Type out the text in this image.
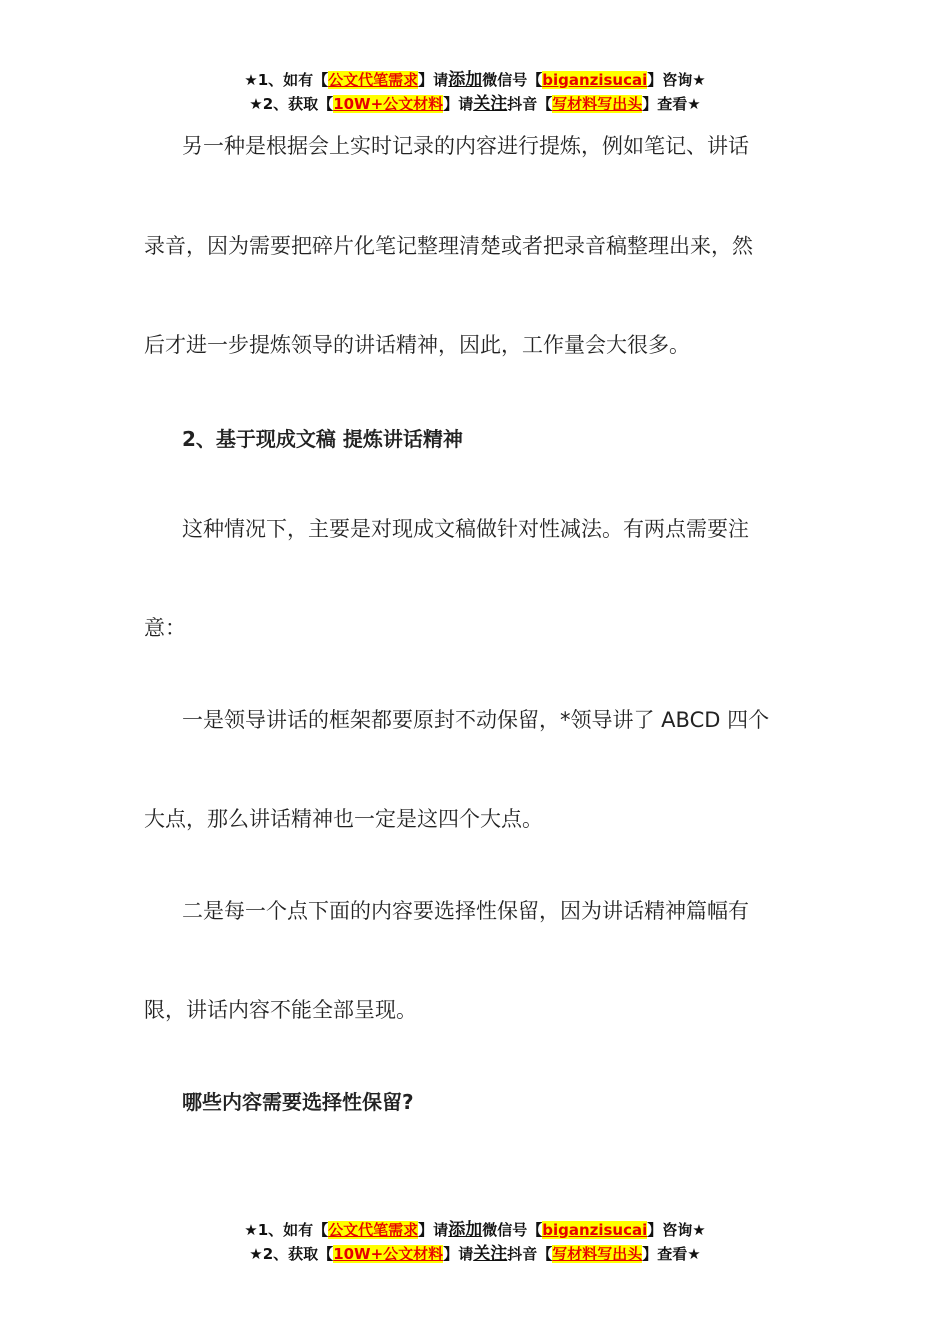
★1、如有【公文代笔需求】请添加微信号【biganzisucai】咨询★
★2、获取【10W+公文材料】请关注抖音【写材料写出头】查看★
另一种是根据会上实时记录的内容进行提炼，例如笔记、讲话
录音，因为需要把碎片化笔记整理清楚或者把录音稿整理出来，然
后才进一步提炼领导的讲话精神，因此，工作量会大很多。
2、基于现成文稿 提炼讲话精神
这种情况下，主要是对现成文稿做针对性减法。有两点需要注
意：
一是领导讲话的框架都要原封不动保留，*领导讲了 ABCD 四个
大点，那么讲话精神也一定是这四个大点。
二是每一个点下面的内容要选择性保留，因为讲话精神篇幅有
限，讲话内容不能全部呈现。
哪些内容需要选择性保留?
★1、如有【公文代笔需求】请添加微信号【biganzisucai】咨询★
★2、获取【10W+公文材料】请关注抖音【写材料写出头】查看★
